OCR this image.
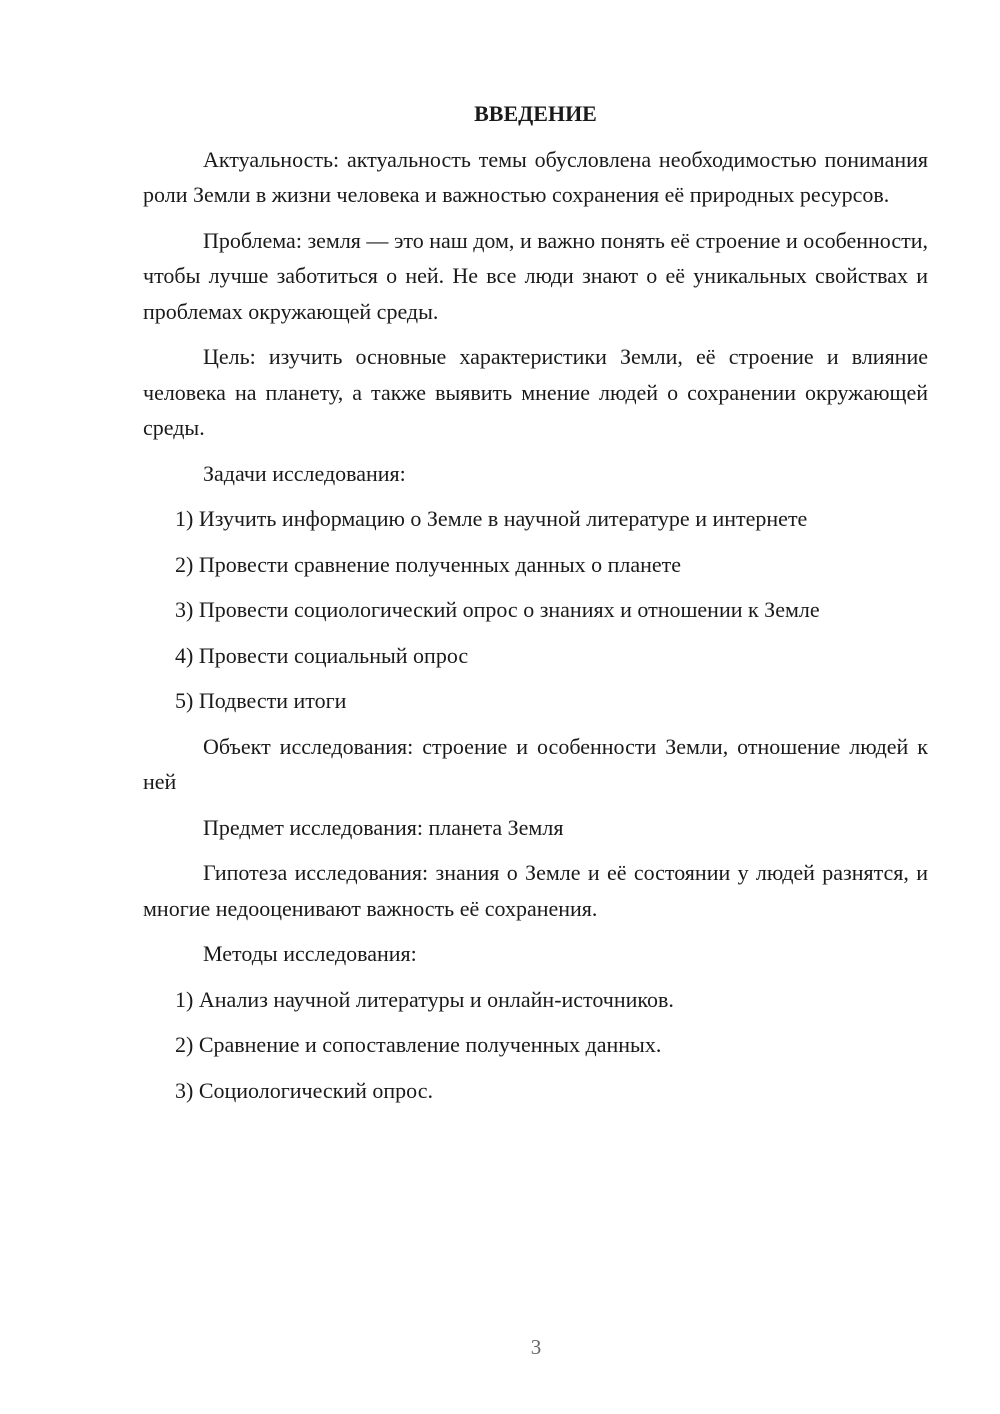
ВВЕДЕНИЕ
Актуальность: актуальность темы обусловлена необходимостью понимания роли Земли в жизни человека и важностью сохранения её природных ресурсов.
Проблема: земля — это наш дом, и важно понять её строение и особенности, чтобы лучше заботиться о ней. Не все люди знают о её уникальных свойствах и проблемах окружающей среды.
Цель: изучить основные характеристики Земли, её строение и влияние человека на планету, а также выявить мнение людей о сохранении окружающей среды.
Задачи исследования:
1) Изучить информацию о Земле в научной литературе и интернете
2) Провести сравнение полученных данных о планете
3) Провести социологический опрос о знаниях и отношении к Земле
4) Провести социальный опрос
5) Подвести итоги
Объект исследования: строение и особенности Земли, отношение людей к ней
Предмет исследования: планета Земля
Гипотеза исследования: знания о Земле и её состоянии у людей разнятся, и многие недооценивают важность её сохранения.
Методы исследования:
1) Анализ научной литературы и онлайн-источников.
2) Сравнение и сопоставление полученных данных.
3) Социологический опрос.
3
